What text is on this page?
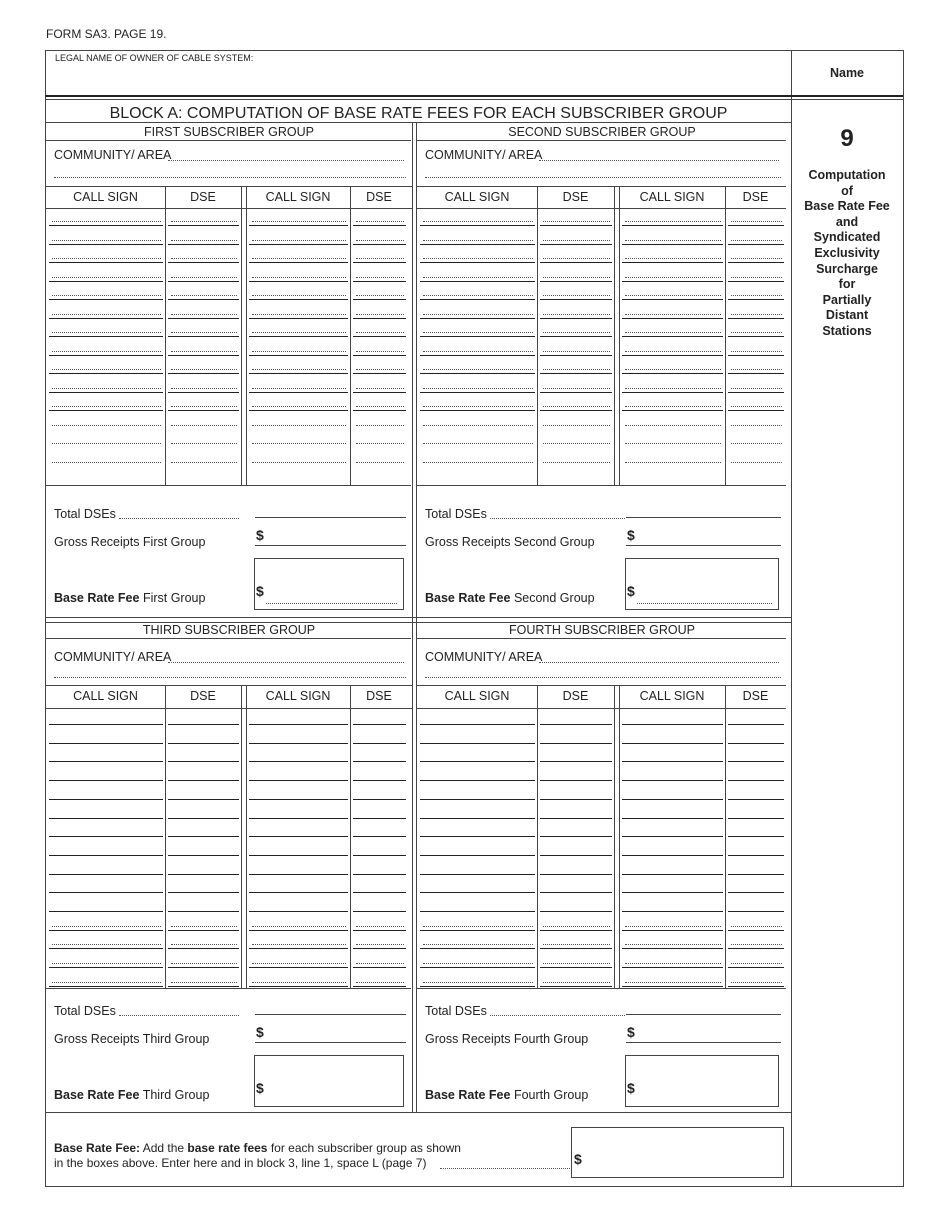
FORM SA3. PAGE 19.
LEGAL NAME OF OWNER OF CABLE SYSTEM:
Name
9
Computation
of
Base Rate Fee
and
Syndicated
Exclusivity
Surcharge
for
Partially
Distant
Stations
BLOCK A: COMPUTATION OF BASE RATE FEES FOR EACH SUBSCRIBER GROUP
Base Rate Fee: Add the base rate fees for each subscriber group as shown
in the boxes above. Enter here and in block 3, line 1, space L (page 7)	$
FIRST SUBSCRIBER GROUP
COMMUNITY/ AREA
CALL SIGN	DSE	CALL SIGN	DSE
Total DSEs
Gross Receipts First Group	$
Base Rate Fee First Group	$
SECOND SUBSCRIBER GROUP
COMMUNITY/ AREA
CALL SIGN	DSE	CALL SIGN	DSE
Total DSEs
Gross Receipts Second Group $
Base Rate Fee Second Group $
THIRD SUBSCRIBER GROUP
COMMUNITY/ AREA
CALL SIGN	DSE	CALL SIGN	DSE
Total DSEs
Gross Receipts Third Group	$
Base Rate Fee Third Group	$
FOURTH SUBSCRIBER GROUP
COMMUNITY/ AREA
CALL SIGN	DSE	CALL SIGN	DSE
Total DSEs
Gross Receipts Fourth Group	$
Base Rate Fee Fourth Group	$
